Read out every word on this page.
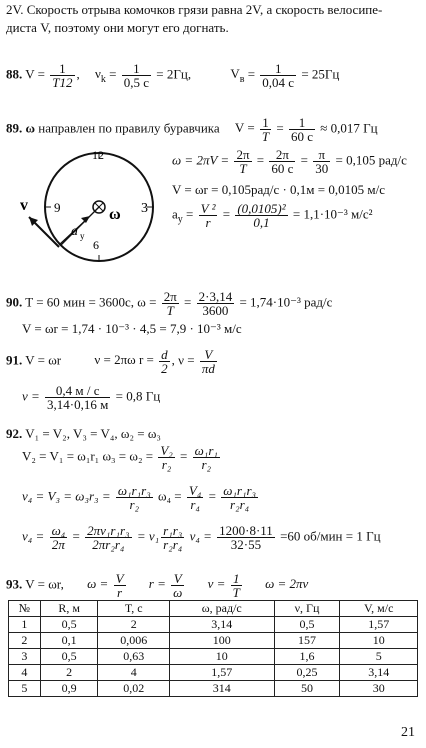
2V. Скорость отрыва комочков грязи равна 2V, а скорость велосипе-
диста V, поэтому они могут его догнать.
88. $V = \frac{1}{T12}$ , $\nu_k = \frac{1}{0,5 с} = 2Гц$,	$V_в = \frac{1}{0,04 с} = 25Гц$
89. ω направлен по правилу буравчика $V = \frac{1}{T} = \frac{1}{60 с} \approx 0,017$ Гц
12
3
6
9
v
ω
a y
$\omega = 2\pi V = \frac{2\pi}{T} = \frac{2\pi}{60 с} = \frac{\pi}{30} = 0,105$ рад/с
V = ωr = 0,105рад/с · 0,1м = 0,0105 м/с
$a_y = \frac{\text{V ²}}{r} = \frac{\text{(0,0105)²}}{0,1} = 1,1\cdot 10^{-3}$ м/с²
90. T = 60 мин = 3600с, $\omega = \frac{2\pi}{T} = \frac{2\cdot 3,14}{3600} = 1,74\cdot 10^{-3}$ рад/с
V = ωr = 1,74 · 10⁻³ · 4,5 = 7,9 · 10⁻³ м/с
91. V = ωr	ν = 2πω $r = \frac{d}{2}$ , $\nu = \frac{V}{\pi d}$
$\nu = \frac{0,4 м / с}{3,14\cdot 0,16 м} = 0,8$ Гц
92. V₁ = V₂, V₃ = V₄, ω₂ = ω₃
V₂ = V₁ = ω₁r₁ $\omega_3 = \omega_2 = \frac{\text{V₂}}{\text{r₂}} = \frac{\text{ω₁r₁}}{\text{r₂}}$
$\nu_4 = V_3 = \omega_3r_3 = \frac{\text{ω₁r₁r₃}}{\text{r₂}} \omega_4 = \frac{\text{V₄}}{\text{r₄}} = \frac{\text{ω₁r₁r₃}}{\text{r₂r₄}}$
$\nu_4 = \frac{\text{ω₄}}{2\pi} = \frac{\text{2πν₁r₁r₃}}{\text{2πr₂r₄}} = \nu_1 \frac{\text{r₁r₃}}{\text{r₂r₄}} \nu_4 = \frac{1200\cdot 8\cdot 11}{32\cdot 55} =60$ об/мин = 1 Гц
93. V = ωr, $\omega = \frac{V}{r}$ $r = \frac{V}{\omega}$ $\nu = \frac{1}{T}$ ω = 2πν
№	R, м	T, с	ω, рад/с	ν, Гц	V, м/с
1	0,5	2	3,14	0,5	1,57
2	0,1	0,006	100	157	10
3	0,5	0,63	10	1,6	5
4	2	4	1,57	0,25	3,14
5	0,9	0,02	314	50	30
21
